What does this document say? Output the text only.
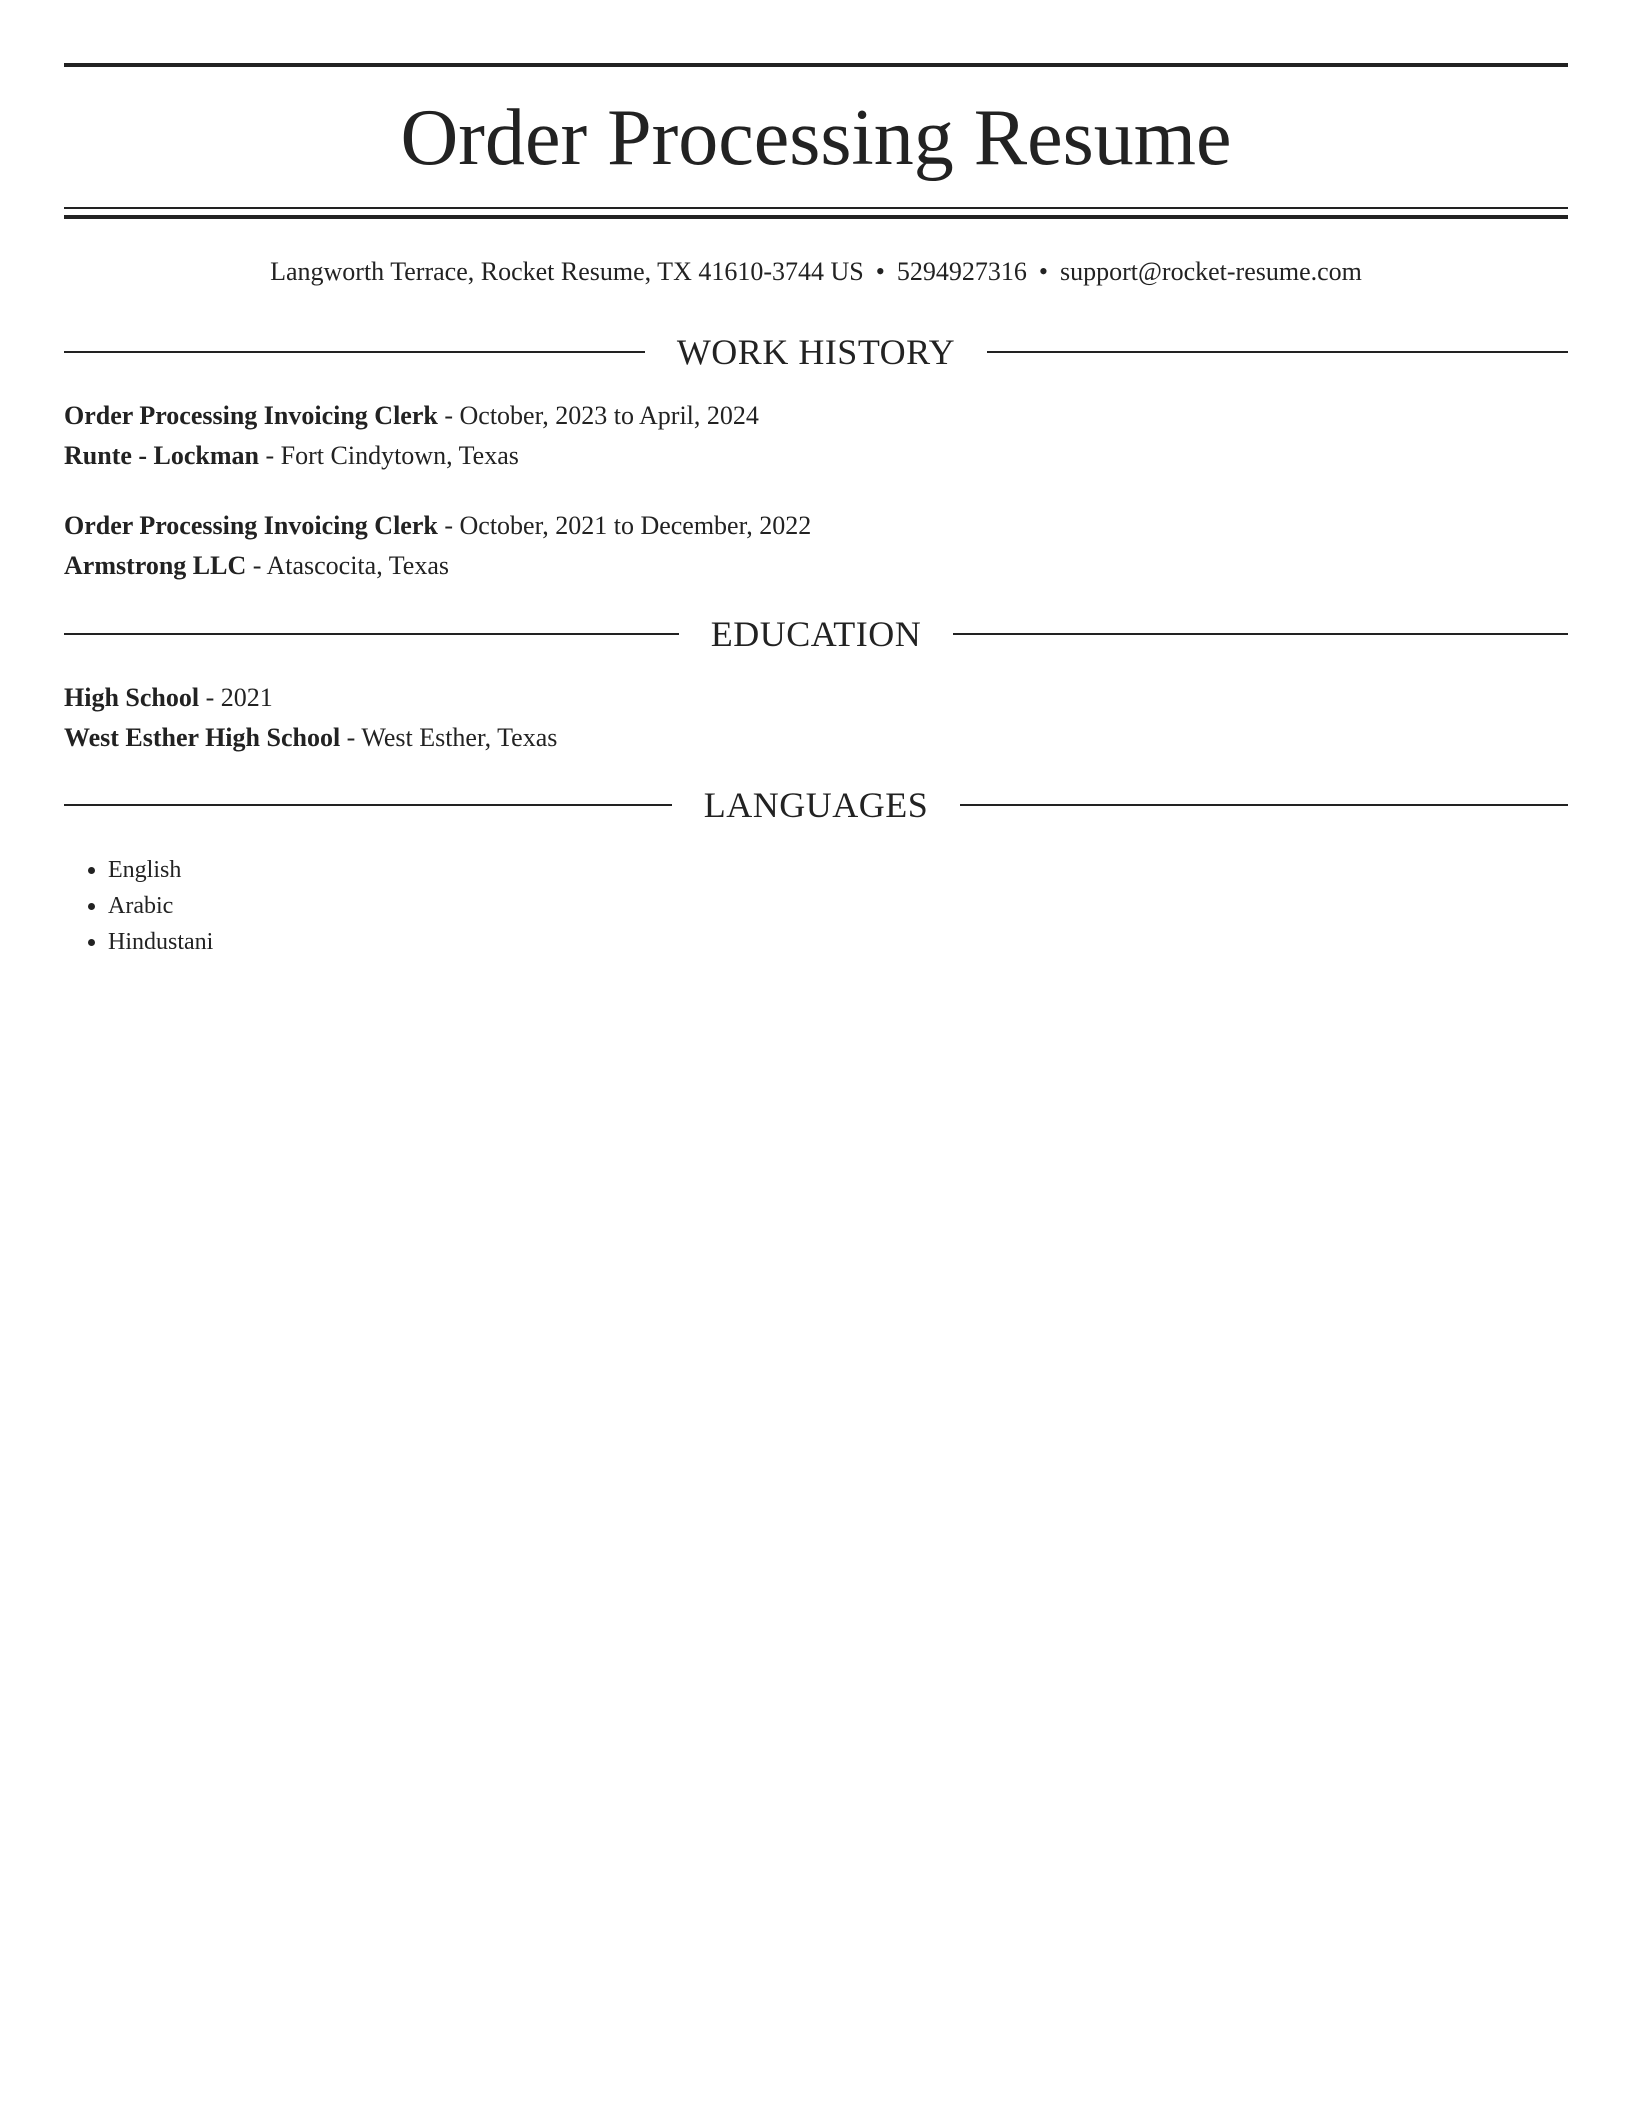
Order Processing Resume
Langworth Terrace, Rocket Resume, TX 41610-3744 US • 5294927316 • support@rocket-resume.com
WORK HISTORY
Order Processing Invoicing Clerk - October, 2023 to April, 2024
Runte - Lockman - Fort Cindytown, Texas
Order Processing Invoicing Clerk - October, 2021 to December, 2022
Armstrong LLC - Atascocita, Texas
EDUCATION
High School - 2021
West Esther High School - West Esther, Texas
LANGUAGES
• English
• Arabic
• Hindustani
